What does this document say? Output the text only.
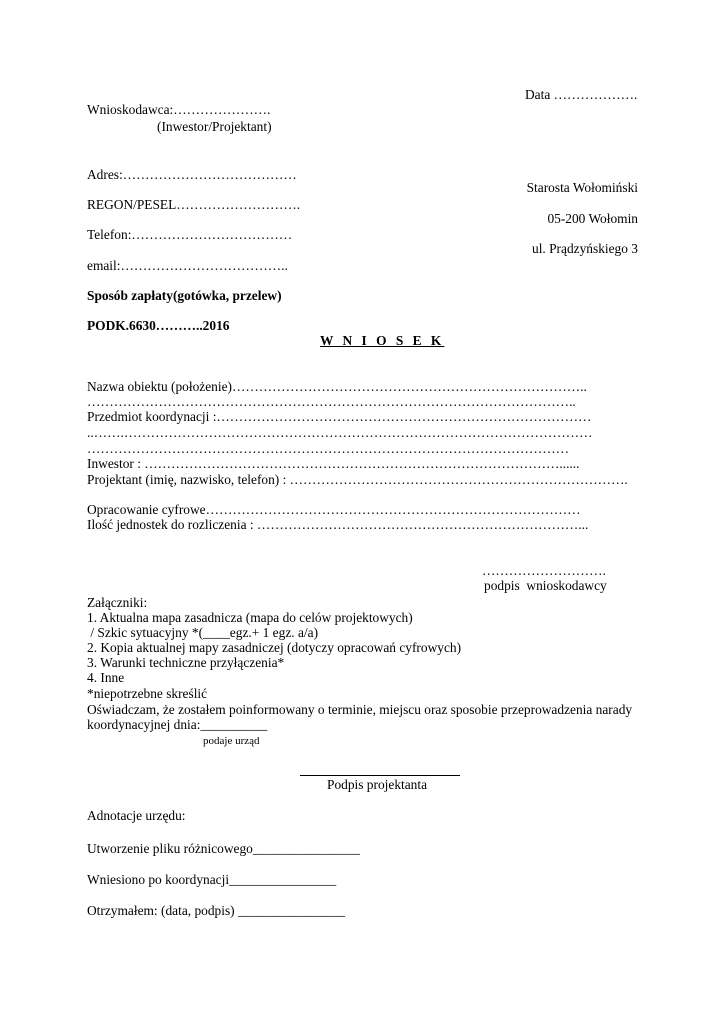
Data ……………….
Wnioskodawca:………………….
(Inwestor/Projektant)
Adres:…………………………………
Starosta Wołomiński
REGON/PESEL……………………….
05-200 Wołomin
Telefon:………………………………
ul. Prądzyńskiego 3
email:………………………………..
Sposób zapłaty(gotówka, przelew)
PODK.6630………..2016
W N I O S E K
Nazwa obiektu (położenie)……………………………………………………………………..
………………………………………………………………………………………………..
Przedmiot koordynacji :…………………………………………………………………………
..…….……………………………………………………………………………………………
………………………………………………………………………………………………
Inwestor : …………………………………………………………………………………......
Projektant (imię, nazwisko, telefon) : ………………………………………………………………….
Opracowanie cyfrowe…………………………………………………………………………
Ilość jednostek do rozliczenia : ………………………………………………………………...
……………………….
podpis  wnioskodawcy
Załączniki:
1. Aktualna mapa zasadnicza (mapa do celów projektowych)
/ Szkic sytuacyjny *(____egz.+ 1 egz. a/a)
2. Kopia aktualnej mapy zasadniczej (dotyczy opracowań cyfrowych)
3. Warunki techniczne przyłączenia*
4. Inne
*niepotrzebne skreślić
Oświadczam, że zostałem poinformowany o terminie, miejscu oraz sposobie przeprowadzenia narady
koordynacyjnej dnia:__________
podaje urząd
Podpis projektanta
Adnotacje urzędu:
Utworzenie pliku różnicowego________________
Wniesiono po koordynacji________________
Otrzymałem: (data, podpis) ________________
